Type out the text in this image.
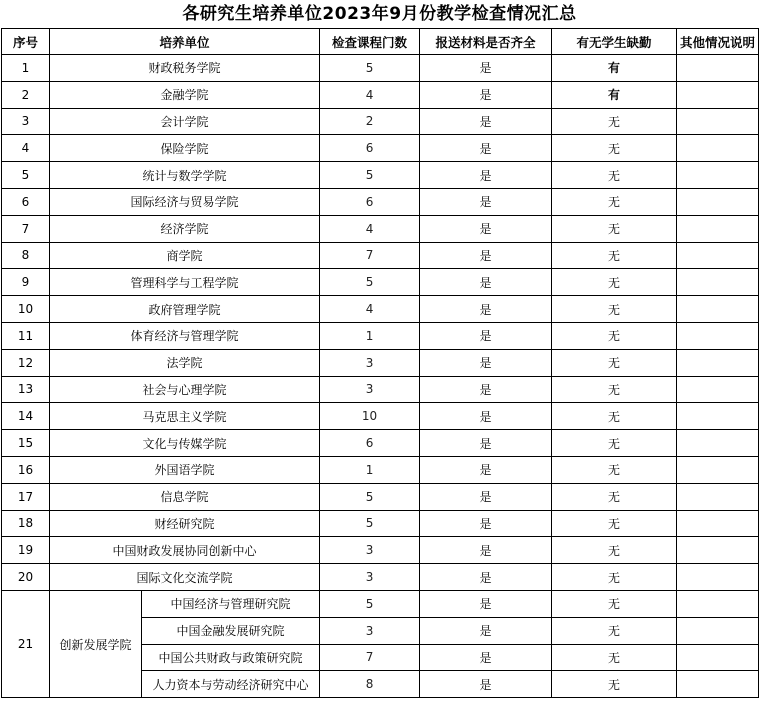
各研究生培养单位2023年9月份教学检查情况汇总
序号	培养单位		检查课程门数	报送材料是否齐全	有无学生缺勤	其他情况说明
1	财政税务学院		5	是	有	
2	金融学院		4	是	有	
3	会计学院		2	是	无	
4	保险学院		6	是	无	
5	统计与数学学院		5	是	无	
6	国际经济与贸易学院		6	是	无	
7	经济学院		4	是	无	
8	商学院		7	是	无	
9	管理科学与工程学院		5	是	无	
10	政府管理学院		4	是	无	
11	体育经济与管理学院		1	是	无	
12	法学院		3	是	无	
13	社会与心理学院		3	是	无	
14	马克思主义学院		10	是	无	
15	文化与传媒学院		6	是	无	
16	外国语学院		1	是	无	
17	信息学院		5	是	无	
18	财经研究院		5	是	无	
19	中国财政发展协同创新中心		3	是	无	
20	国际文化交流学院		3	是	无	
21	创新发展学院	中国经济与管理研究院	5	是	无	
		中国金融发展研究院	3	是	无	
		中国公共财政与政策研究院	7	是	无	
		人力资本与劳动经济研究中心	8	是	无	
